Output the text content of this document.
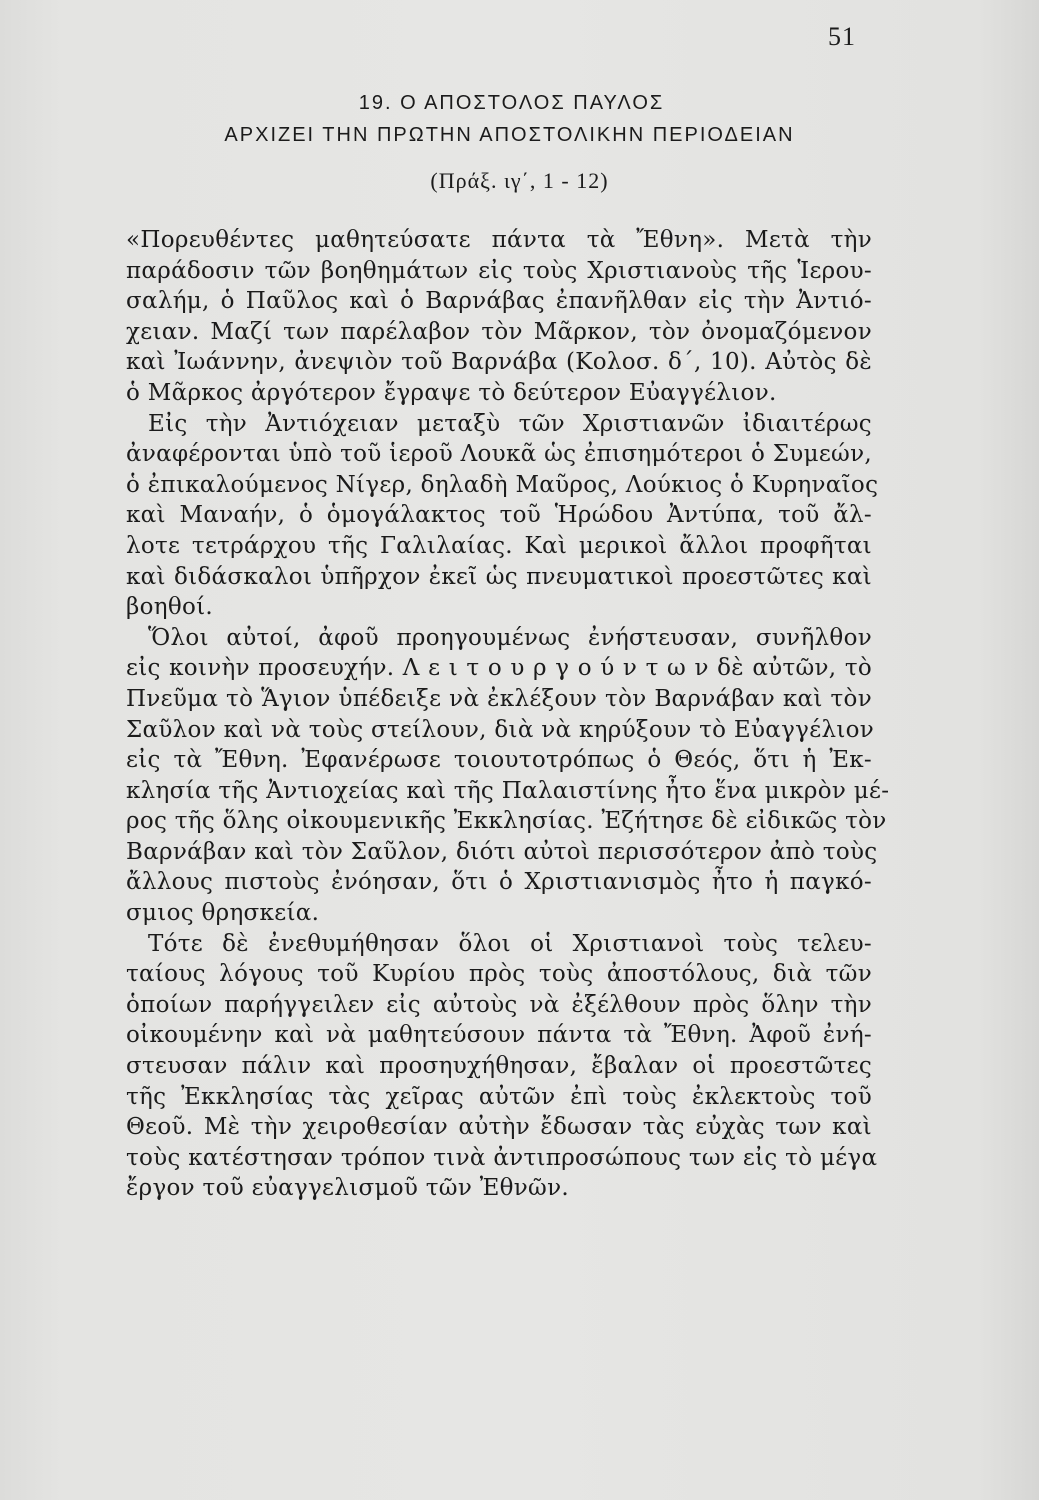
51
19. Ο ΑΠΟΣΤΟΛΟΣ ΠΑΥΛΟΣ
ΑΡΧΙΖΕΙ ΤΗΝ ΠΡΩΤΗΝ ΑΠΟΣΤΟΛΙΚΗΝ ΠΕΡΙΟΔΕΙΑΝ
(Πράξ. ιγ΄, 1 - 12)
«Πορευθέντες μαθητεύσατε πάντα τὰ Ἔθνη». Μετὰ τὴν
παράδοσιν τῶν βοηθημάτων εἰς τοὺς Χριστιανοὺς τῆς Ἱερου-
σαλήμ, ὁ Παῦλος καὶ ὁ Βαρνάβας ἐπανῆλθαν εἰς τὴν Ἀντιό-
χειαν. Μαζί των παρέλαβον τὸν Μᾶρκον, τὸν ὀνομαζόμενον
καὶ Ἰωάννην, ἀνεψιὸν τοῦ Βαρνάβα (Κολοσ. δ΄, 10). Αὐτὸς δὲ
ὁ Μᾶρκος ἀργότερον ἔγραψε τὸ δεύτερον Εὐαγγέλιον.
Εἰς τὴν Ἀντιόχειαν μεταξὺ τῶν Χριστιανῶν ἰδιαιτέρως
ἀναφέρονται ὑπὸ τοῦ ἱεροῦ Λουκᾶ ὡς ἐπισημότεροι ὁ Συμεών,
ὁ ἐπικαλούμενος Νίγερ, δηλαδὴ Μαῦρος, Λούκιος ὁ Κυρηναῖος
καὶ Μαναήν, ὁ ὁμογάλακτος τοῦ Ἡρώδου Ἀντύπα, τοῦ ἄλ-
λοτε τετράρχου τῆς Γαλιλαίας. Καὶ μερικοὶ ἄλλοι προφῆται
καὶ διδάσκαλοι ὑπῆρχον ἐκεῖ ὡς πνευματικοὶ προεστῶτες καὶ
βοηθοί.
Ὅλοι αὐτοί, ἀφοῦ προηγουμένως ἐνήστευσαν, συνῆλθον
εἰς κοινὴν προσευχήν. Λ ε ι τ ο υ ρ γ ο ύ ν τ ω ν δὲ αὐτῶν, τὸ
Πνεῦμα τὸ Ἅγιον ὑπέδειξε νὰ ἐκλέξουν τὸν Βαρνάβαν καὶ τὸν
Σαῦλον καὶ νὰ τοὺς στείλουν, διὰ νὰ κηρύξουν τὸ Εὐαγγέλιον
εἰς τὰ Ἔθνη. Ἐφανέρωσε τοιουτοτρόπως ὁ Θεός, ὅτι ἡ Ἐκ-
κλησία τῆς Ἀντιοχείας καὶ τῆς Παλαιστίνης ἦτο ἕνα μικρὸν μέ-
ρος τῆς ὅλης οἰκουμενικῆς Ἐκκλησίας. Ἐζήτησε δὲ εἰδικῶς τὸν
Βαρνάβαν καὶ τὸν Σαῦλον, διότι αὐτοὶ περισσότερον ἀπὸ τοὺς
ἄλλους πιστοὺς ἐνόησαν, ὅτι ὁ Χριστιανισμὸς ἦτο ἡ παγκό-
σμιος θρησκεία.
Τότε δὲ ἐνεθυμήθησαν ὅλοι οἱ Χριστιανοὶ τοὺς τελευ-
ταίους λόγους τοῦ Κυρίου πρὸς τοὺς ἀποστόλους, διὰ τῶν
ὁποίων παρήγγειλεν εἰς αὐτοὺς νὰ ἐξέλθουν πρὸς ὅλην τὴν
οἰκουμένην καὶ νὰ μαθητεύσουν πάντα τὰ Ἔθνη. Ἀφοῦ ἐνή-
στευσαν πάλιν καὶ προσηυχήθησαν, ἔβαλαν οἱ προεστῶτες
τῆς Ἐκκλησίας τὰς χεῖρας αὐτῶν ἐπὶ τοὺς ἐκλεκτοὺς τοῦ
Θεοῦ. Μὲ τὴν χειροθεσίαν αὐτὴν ἔδωσαν τὰς εὐχὰς των καὶ
τοὺς κατέστησαν τρόπον τινὰ ἀντιπροσώπους των εἰς τὸ μέγα
ἔργον τοῦ εὐαγγελισμοῦ τῶν Ἐθνῶν.
